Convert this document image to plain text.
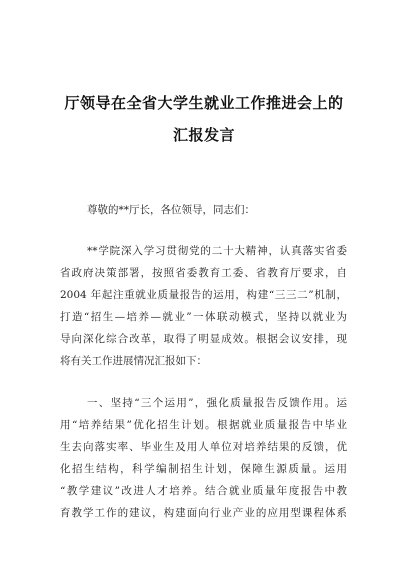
厅领导在全省大学生就业工作推进会上的
汇报发言
尊敬的**厅长，各位领导，同志们：
**学院深入学习贯彻党的二十大精神，认真落实省委
省政府决策部署，按照省委教育工委、省教育厅要求，自
2004 年起注重就业质量报告的运用，构建“三三二”机制，
打造“招生—培养—就业”一体联动模式，坚持以就业为
导向深化综合改革，取得了明显成效。根据会议安排，现
将有关工作进展情况汇报如下：
一、坚持“三个运用”，强化质量报告反馈作用。运
用“培养结果”优化招生计划。根据就业质量报告中毕业
生去向落实率、毕业生及用人单位对培养结果的反馈，优
化招生结构，科学编制招生计划，保障生源质量。运用
“教学建议”改进人才培养。结合就业质量年度报告中教
育教学工作的建议，构建面向行业产业的应用型课程体系
